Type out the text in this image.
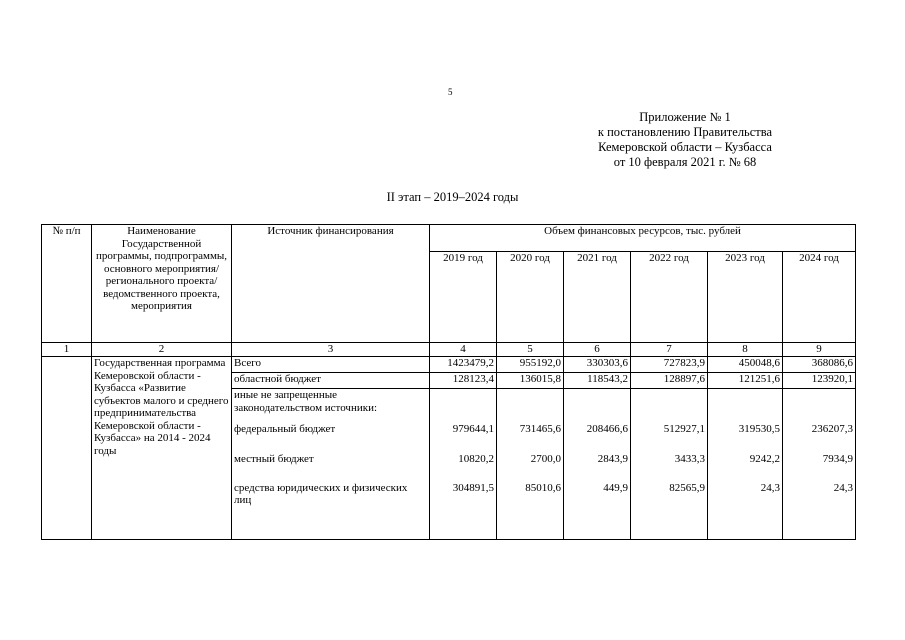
5
Приложение № 1
к постановлению Правительства
Кемеровской области – Кузбасса
от 10 февраля 2021 г. № 68
II этап – 2019–2024 годы
№ п/п	Наименование Государственной программы, подпрограммы, основного мероприятия/ регионального проекта/ ведомственного проекта, мероприятия	Источник финансирования	Объем финансовых ресурсов, тыс. рублей					
			2019 год	2020 год	2021 год	2022 год	2023 год	2024 год
1	2	3	4	5	6	7	8	9
	Государственная программа Кемеровской области - Кузбасса «Развитие субъектов малого и среднего предпринимательства Кемеровской области - Кузбасса» на 2014 - 2024 годы	Всего	1423479,2	955192,0	330303,6	727823,9	450048,6	368086,6
		областной бюджет	128123,4	136015,8	118543,2	128897,6	121251,6	123920,1
		иные не запрещенные законодательством источники:						
		федеральный бюджет	979644,1	731465,6	208466,6	512927,1	319530,5	236207,3
		местный бюджет	10820,2	2700,0	2843,9	3433,3	9242,2	7934,9
		средства юридических и физических лиц	304891,5	85010,6	449,9	82565,9	24,3	24,3
